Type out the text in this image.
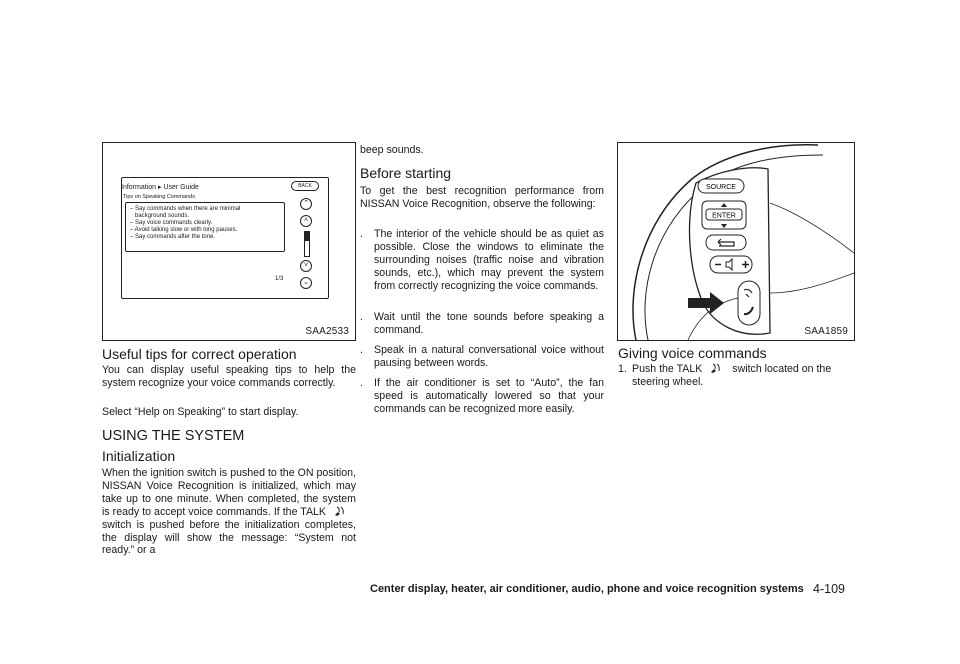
Information ▸ User Guide	BACK
Tips on Speaking Commands
– Say commands when there are minimal
background sounds.
– Say voice commands clearly.
– Avoid talking slow or with long pauses.
– Say commands after the tone.
⌃
˄
˅
⌄
1/3
SAA2533
Useful tips for correct operation

You can display useful speaking tips to help the system recognize your voice commands correctly.

Select “Help on Speaking” to start display.

USING THE SYSTEM
Initialization

When the ignition switch is pushed to the ON position, NISSAN Voice Recognition is initialized, which may take up to one minute. When completed, the system is ready to accept voice commands. If the TALKswitch is pushed before the initialization completes, the display will show the message: “System not ready.” or a

beep sounds.

Before starting

To get the best recognition performance from NISSAN Voice Recognition, observe the following:

. The interior of the vehicle should be as quiet as possible. Close the windows to eliminate the surrounding noises (traffic noise and vibration sounds, etc.), which may prevent the system from correctly recognizing the voice commands.
. Wait until the tone sounds before speaking a command.
. Speak in a natural conversational voice without pausing between words.
. If the air conditioner is set to “Auto”, the fan speed is automatically lowered so that your commands can be recognized more easily.
SOURCE
ENTER
SAA1859
Giving voice commands
1. Push the TALK	switch located on the steering wheel.
Center display, heater, air conditioner, audio, phone and voice recognition systems 4-109
